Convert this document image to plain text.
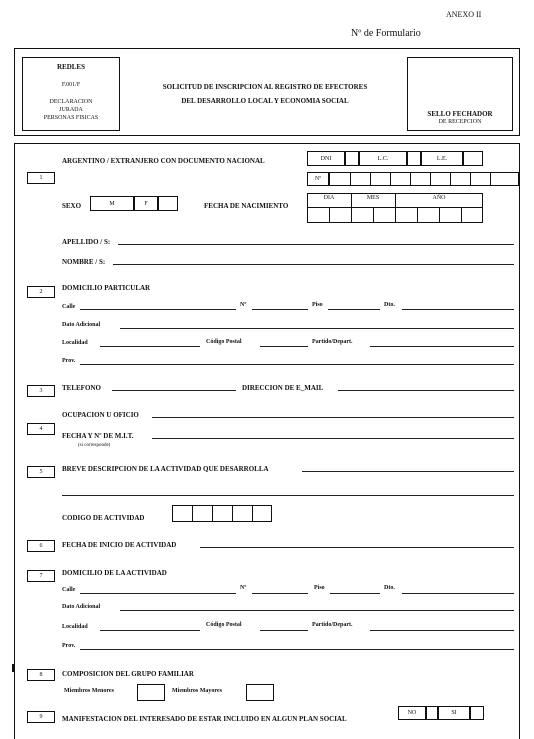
ANEXO II
Nº de Formulario
REDLES
F.001/F
DECLARACION
JURADA
PERSONAS FISICAS
SOLICITUD DE INSCRIPCION AL REGISTRO DE EFECTORES
DEL DESARROLLO LOCAL Y ECONOMIA SOCIAL
SELLO FECHADOR
DE RECEPCION
1
ARGENTINO / EXTRANJERO CON DOCUMENTO NACIONAL	DNI	L.C.	L.E.
Nº
SEXO	M	F	FECHA DE NACIMIENTO
DIA	MES	AÑO
APELLIDO / S:
NOMBRE / S:
2	DOMICILIO PARTICULAR
Calle	Nº	Piso	Dto.
Dato Adicional
Localidad	Código Postal	Partido/Depart.
Prov.
3	TELEFONO	DIRECCION DE E_MAIL
4
OCUPACION U OFICIO
FECHA Y Nº DE M.I.T.
(si corresponde)
5	BREVE DESCRIPCION DE LA ACTIVIDAD QUE DESARROLLA
CODIGO DE ACTIVIDAD
6	FECHA DE INICIO DE ACTIVIDAD
7	DOMICILIO DE LA ACTIVIDAD
Calle	Nº	Piso	Dto.
Dato Adicional
Localidad	Código Postal	Partido/Depart.
Prov.
8	COMPOSICION DEL GRUPO FAMILIAR
Miembros Menores	Miembros Mayores
9	MANIFESTACION DEL INTERESADO DE ESTAR INCLUIDO EN ALGUN PLAN SOCIAL
NO	SI
